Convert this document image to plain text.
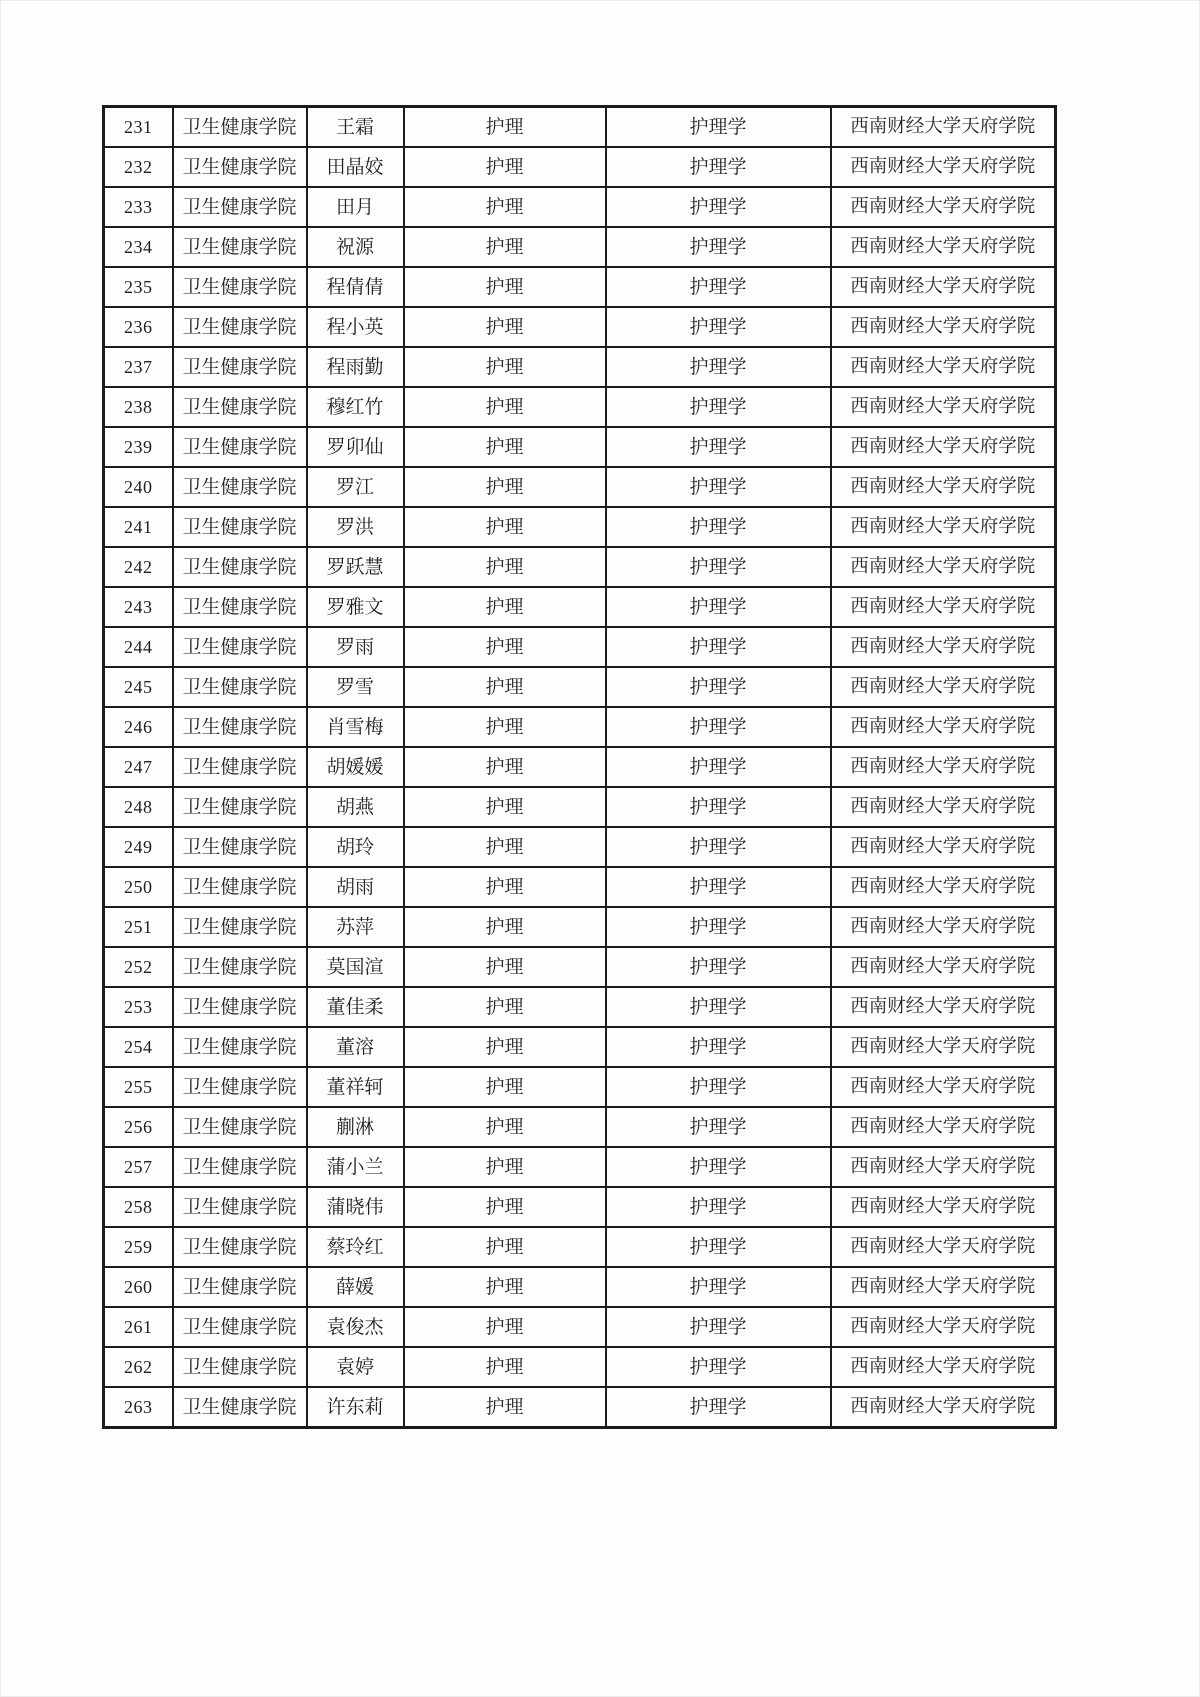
231	卫生健康学院	王霜	护理	护理学	西南财经大学天府学院
232	卫生健康学院	田晶姣	护理	护理学	西南财经大学天府学院
233	卫生健康学院	田月	护理	护理学	西南财经大学天府学院
234	卫生健康学院	祝源	护理	护理学	西南财经大学天府学院
235	卫生健康学院	程倩倩	护理	护理学	西南财经大学天府学院
236	卫生健康学院	程小英	护理	护理学	西南财经大学天府学院
237	卫生健康学院	程雨勤	护理	护理学	西南财经大学天府学院
238	卫生健康学院	穆红竹	护理	护理学	西南财经大学天府学院
239	卫生健康学院	罗卯仙	护理	护理学	西南财经大学天府学院
240	卫生健康学院	罗江	护理	护理学	西南财经大学天府学院
241	卫生健康学院	罗洪	护理	护理学	西南财经大学天府学院
242	卫生健康学院	罗跃慧	护理	护理学	西南财经大学天府学院
243	卫生健康学院	罗雅文	护理	护理学	西南财经大学天府学院
244	卫生健康学院	罗雨	护理	护理学	西南财经大学天府学院
245	卫生健康学院	罗雪	护理	护理学	西南财经大学天府学院
246	卫生健康学院	肖雪梅	护理	护理学	西南财经大学天府学院
247	卫生健康学院	胡媛媛	护理	护理学	西南财经大学天府学院
248	卫生健康学院	胡燕	护理	护理学	西南财经大学天府学院
249	卫生健康学院	胡玲	护理	护理学	西南财经大学天府学院
250	卫生健康学院	胡雨	护理	护理学	西南财经大学天府学院
251	卫生健康学院	苏萍	护理	护理学	西南财经大学天府学院
252	卫生健康学院	莫国渲	护理	护理学	西南财经大学天府学院
253	卫生健康学院	董佳柔	护理	护理学	西南财经大学天府学院
254	卫生健康学院	董溶	护理	护理学	西南财经大学天府学院
255	卫生健康学院	董祥轲	护理	护理学	西南财经大学天府学院
256	卫生健康学院	蒯淋	护理	护理学	西南财经大学天府学院
257	卫生健康学院	蒲小兰	护理	护理学	西南财经大学天府学院
258	卫生健康学院	蒲晓伟	护理	护理学	西南财经大学天府学院
259	卫生健康学院	蔡玲红	护理	护理学	西南财经大学天府学院
260	卫生健康学院	薛媛	护理	护理学	西南财经大学天府学院
261	卫生健康学院	袁俊杰	护理	护理学	西南财经大学天府学院
262	卫生健康学院	袁婷	护理	护理学	西南财经大学天府学院
263	卫生健康学院	许东莉	护理	护理学	西南财经大学天府学院
